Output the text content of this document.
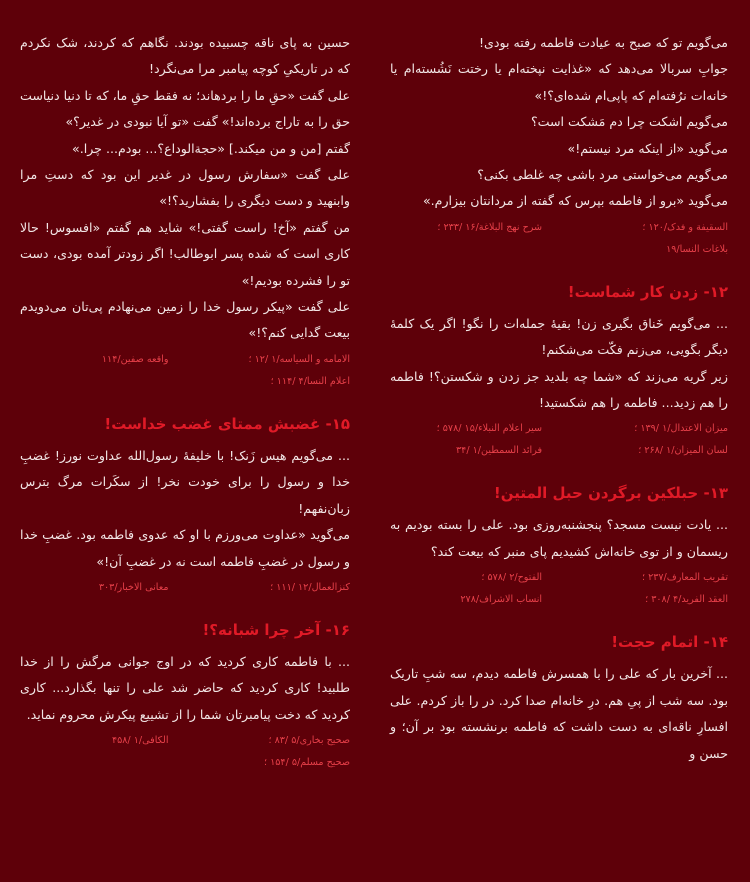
می‌گویم تو که صبح به عیادت فاطمه رفته بودی!

جوابِ سربالا می‌دهد که «غذایت نپخته‌ام یا رختت نَشُسته‌ام یا خانه‌ات نرُفته‌ام که پاپی‌ام شده‌ای؟!»

می‌گویم اشکت چرا دم مَشکت است؟

می‌گوید «از اینکه مرد نیستم!»

می‌گویم می‌خواستی مرد باشی چه غلطی بکنی؟

می‌گوید «برو از فاطمه بپرس که گفته از مردانتان بیزارم.»

السقیفة و فدک/۱۲۰ ؛
شرح نهج البلاغة/۱۶ /۲۳۳ ؛
بلاغات النسا/۱۹
۱۲- زدن کار شماست!

... می‌گویم خَناق بگیری زن! بقیهٔ جمله‌ات را نگو! اگر یک کلمهٔ دیگر بگویی، می‌زنم فکّت می‌شکنم!

زیر گریه می‌زند که «شما چه بلدید جز زدن و شکستن؟! فاطمه را هم زدید... فاطمه را هم شکستید!

میزان الاعتدال/۱ /۱۳۹ ؛
سیر اعلام النبلاء/۱۵ /۵۷۸ ؛
لسان المیزان/۱ /۲۶۸ ؛
فرائد السمطین/۱ /۳۴
۱۳- حبلکین برگردن حبل المتین!

... یادت نیست مسجد؟ پنجشنبه‌روزی بود. علی را بسته بودیم به ریسمان و از توی خانه‌اش کشیدیم پای منبر که بیعت کند؟

تقریب المعارف/۲۳۷ ؛
الفتوح/۲ /۵۷۸ ؛
العقد الفرید/۴ /۳۰۸ ؛
انساب الاشراف/۲۷۸
۱۴- اتمام حجت!

... آخرین بار که علی را با همسرش فاطمه دیدم، سه شبِ تاریک بود. سه شب از پیِ هم. درِ خانه‌ام صدا کرد. در را باز کردم. علی افسارِ ناقه‌ای به دست داشت که فاطمه برنشسته بود بر آن؛ و حسن و

حسین به پای ناقه چسبیده بودند. نگاهم که کردند، شک نکردم که در تاریکیِ کوچه پیامبر مرا می‌نگرد!

علی گفت «حقِ ما را بردهاند؛ نه فقط حقِ ما، که تا دنیا دنیاست حق را به تاراج برده‌اند!» گفت «تو آیا نبودی در غدیر؟»

گفتم [من و من میکند.] «حجةالوداع؟... بودم... چرا.»

علی گفت «سفارش رسول در غدیر این بود که دستِ مرا وابنهید و دست دیگری را بفشارید؟!»

من گفتم «آخ! راست گفتی!» شاید هم گفتم «افسوس! حالا کاری است که شده پسر ابوطالب! اگر زودتر آمده بودی، دست تو را فشرده بودیم!»

علی گفت «پیکر رسول خدا را زمین می‌نهادم پی‌تان می‌دویدم بیعت گدایی کنم؟!»

الامامه و السیاسه/۱ /۱۲ ؛
واقعه صفین/۱۱۴
اعلام النسا/۴ /۱۱۴ ؛
۱۵- غضبش ممتای غضب خداست!

... می‌گویم هیس زَنک! با خلیفهٔ رسول‌الله عداوت نورز! غضبِ خدا و رسول را برای خودت نخر! از سکَرات مرگ بترس زبان‌نفهم!

می‌گوید «عداوت می‌ورزم با او که عدوی فاطمه بود. غضبِ خدا و رسول در غضبِ فاطمه است نه در غضبِ آن!»

کنزالعمال/۱۲ /۱۱۱ ؛
معانی الاخبار/۳۰۳
۱۶- آخر چرا شبانه؟!

... با فاطمه کاری کردید که در اوج جوانی مرگش را از خدا طلبید! کاری کردید که حاضر شد علی را تنها بگذارد... کاری کردید که دخت پیامبرتان شما را از تشییع پیکرش محروم نماید.

صحیح بخاری/۵ /۸۳ ؛
الکافی/۱ /۴۵۸
صحیح مسلم/۵ /۱۵۴ ؛
